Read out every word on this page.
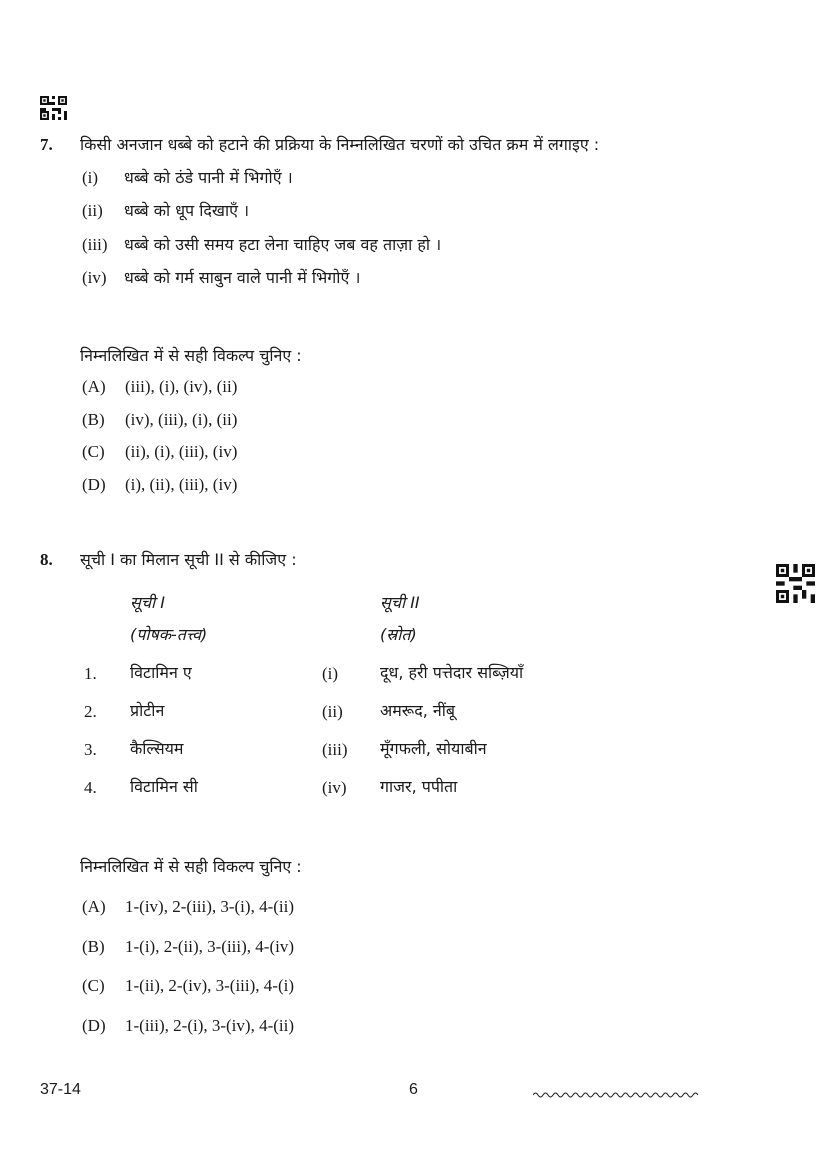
7. किसी अनजान धब्बे को हटाने की प्रक्रिया के निम्नलिखित चरणों को उचित क्रम में लगाइए :
(i) धब्बे को ठंडे पानी में भिगोएँ ।
(ii) धब्बे को धूप दिखाएँ ।
(iii) धब्बे को उसी समय हटा लेना चाहिए जब वह ताज़ा हो ।
(iv) धब्बे को गर्म साबुन वाले पानी में भिगोएँ ।
निम्नलिखित में से सही विकल्प चुनिए :
(A) (iii), (i), (iv), (ii)
(B) (iv), (iii), (i), (ii)
(C) (ii), (i), (iii), (iv)
(D) (i), (ii), (iii), (iv)
8. सूची I का मिलान सूची II से कीजिए :
सूची I
(पोषक-तत्त्व)
सूची II
(स्रोत)
1. विटामिन ए	(i)	दूध, हरी पत्तेदार सब्ज़ियाँ
2. प्रोटीन	(ii) अमरूद, नींबू
3. कैल्सियम	(iii) मूँगफली, सोयाबीन
4. विटामिन सी	(iv) गाजर, पपीता
निम्नलिखित में से सही विकल्प चुनिए :
(A) 1-(iv), 2-(iii), 3-(i), 4-(ii)
(B) 1-(i), 2-(ii), 3-(iii), 4-(iv)
(C) 1-(ii), 2-(iv), 3-(iii), 4-(i)
(D) 1-(iii), 2-(i), 3-(iv), 4-(ii)
37-14	6
